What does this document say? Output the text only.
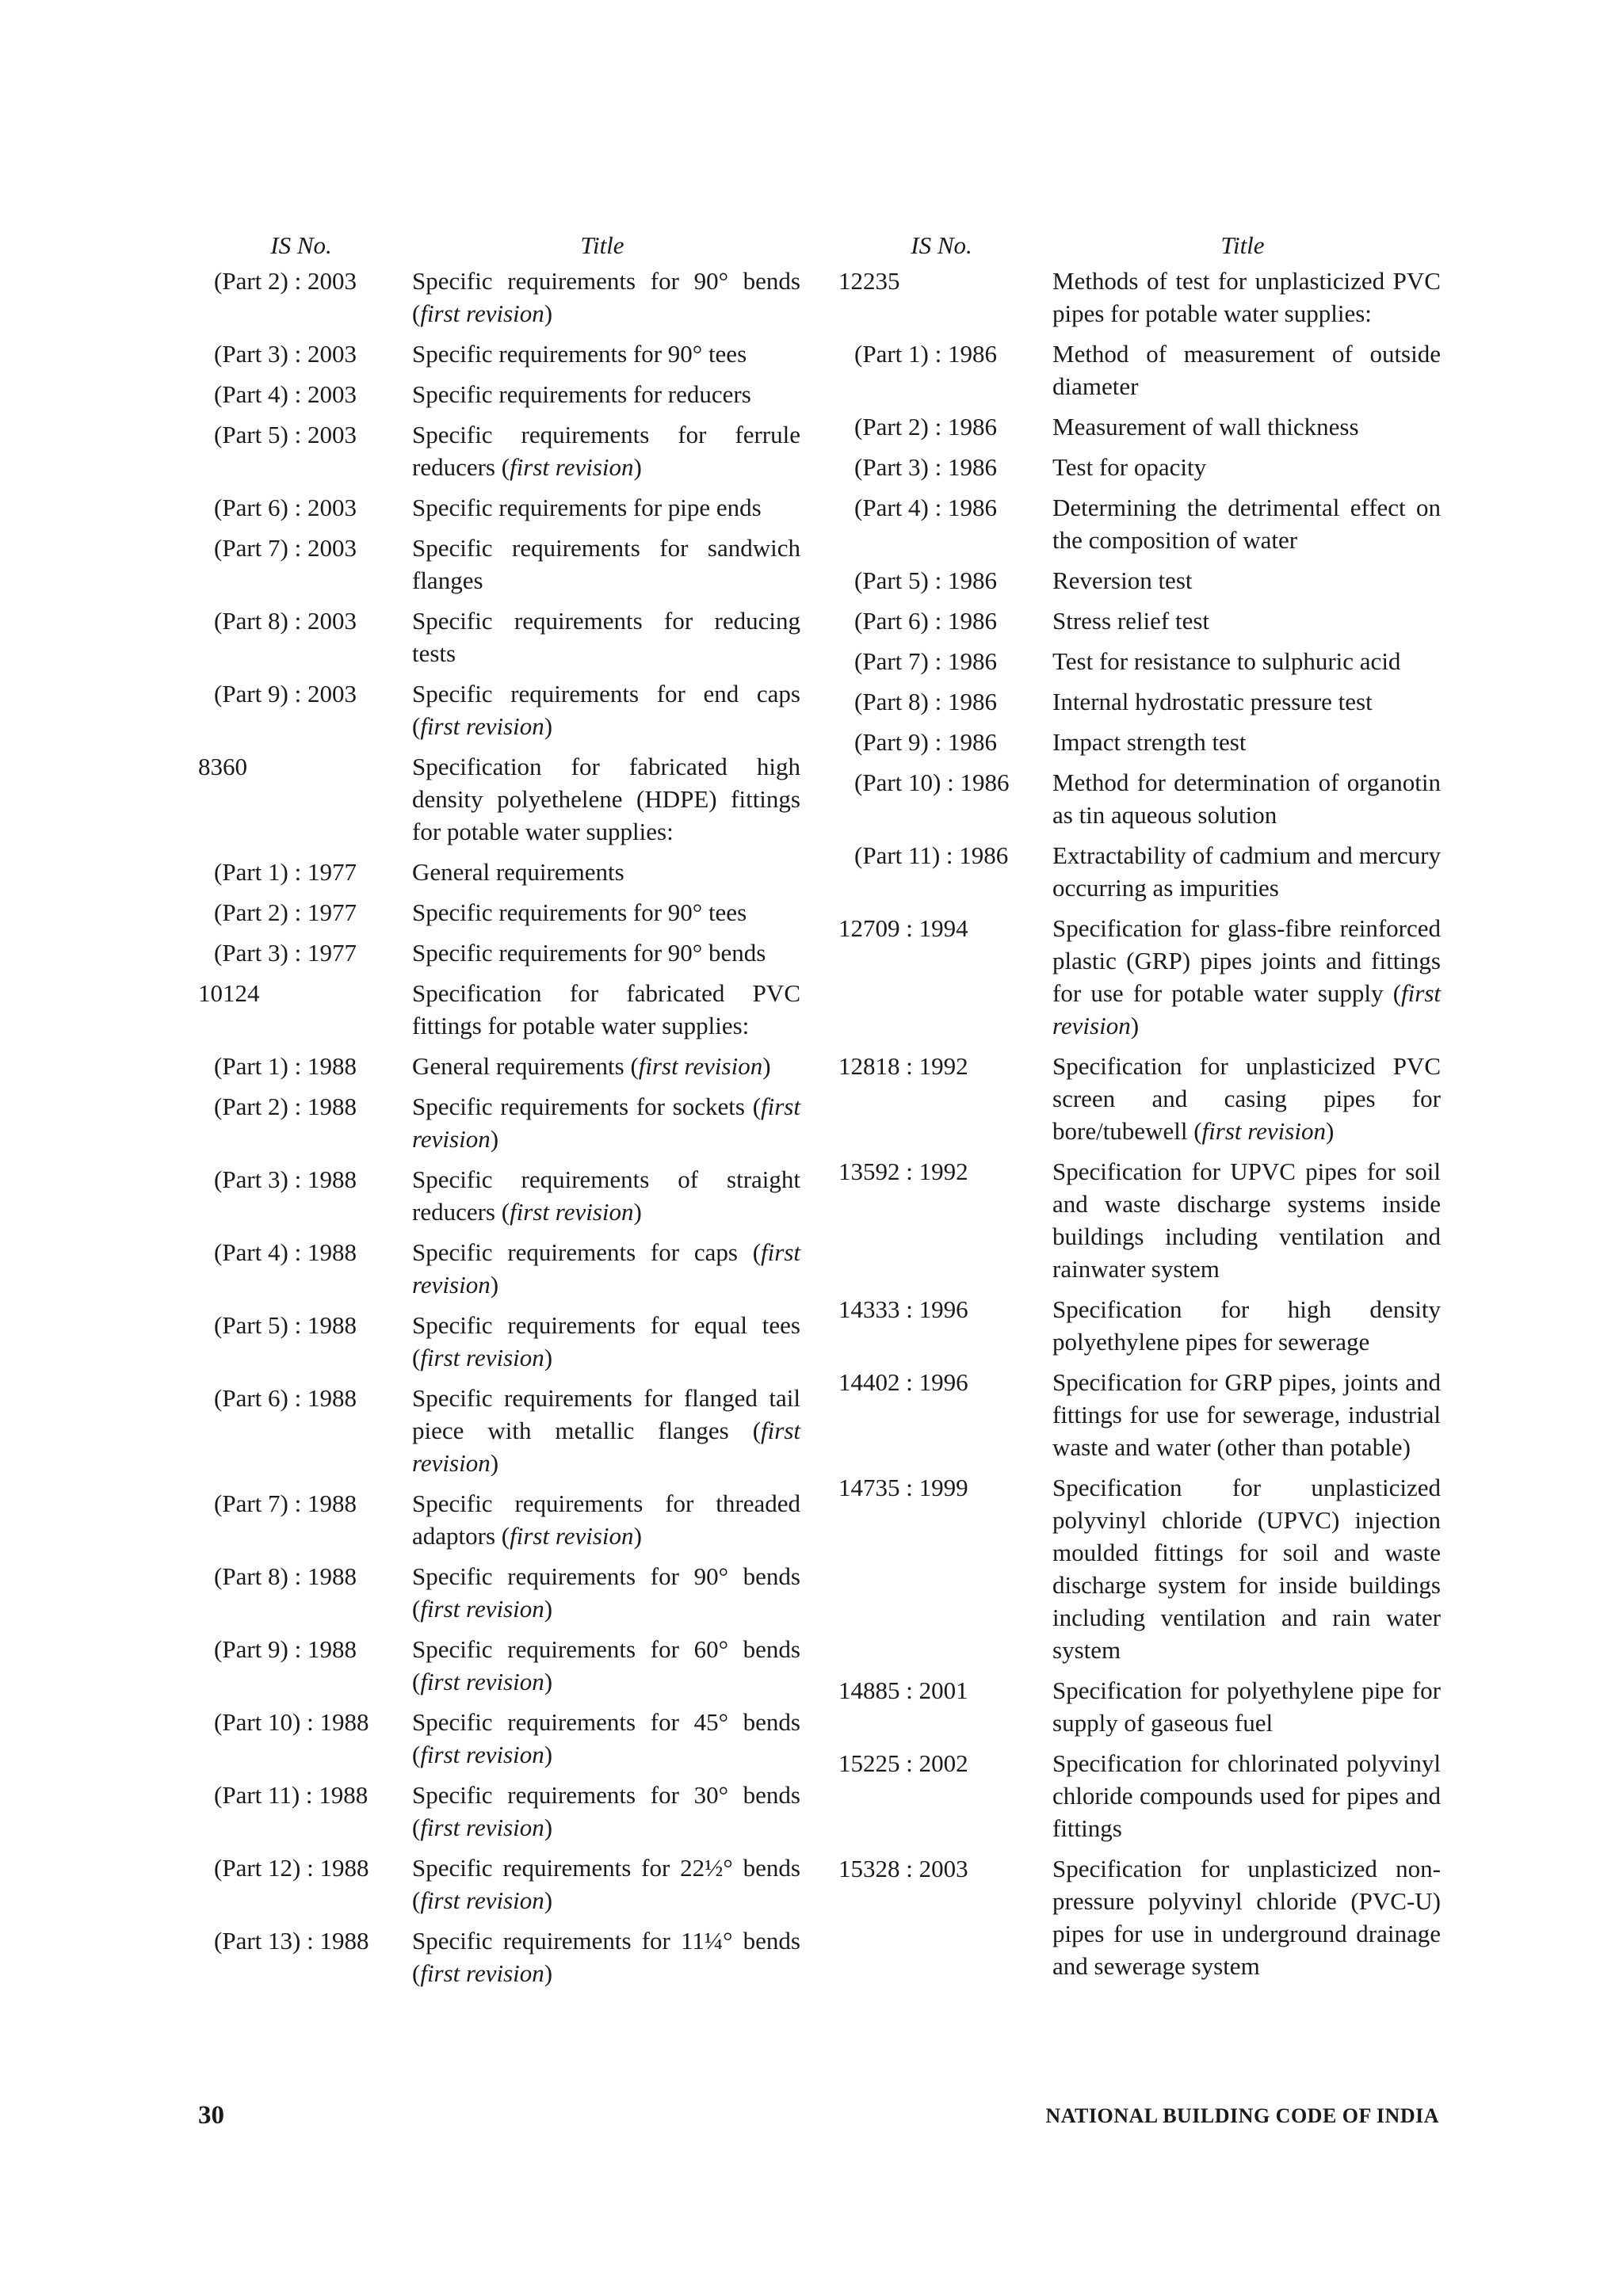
IS No.	Title
(Part 2) : 2003	Specific requirements for 90° bends (first revision)
(Part 3) : 2003	Specific requirements for 90° tees
(Part 4) : 2003	Specific requirements for reducers
(Part 5) : 2003	Specific requirements for ferrule reducers (first revision)
(Part 6) : 2003	Specific requirements for pipe ends
(Part 7) : 2003	Specific requirements for sandwich flanges
(Part 8) : 2003	Specific requirements for reducing tests
(Part 9) : 2003	Specific requirements for end caps (first revision)
8360	Specification for fabricated high density polyethelene (HDPE) fittings for potable water supplies:
(Part 1) : 1977	General requirements
(Part 2) : 1977	Specific requirements for 90° tees
(Part 3) : 1977	Specific requirements for 90° bends
10124	Specification for fabricated PVC fittings for potable water supplies:
(Part 1) : 1988	General requirements (first revision)
(Part 2) : 1988	Specific requirements for sockets (first revision)
(Part 3) : 1988	Specific requirements of straight reducers (first revision)
(Part 4) : 1988	Specific requirements for caps (first revision)
(Part 5) : 1988	Specific requirements for equal tees (first revision)
(Part 6) : 1988	Specific requirements for flanged tail piece with metallic flanges (first revision)
(Part 7) : 1988	Specific requirements for threaded adaptors (first revision)
(Part 8) : 1988	Specific requirements for 90° bends (first revision)
(Part 9) : 1988	Specific requirements for 60° bends (first revision)
(Part 10) : 1988	Specific requirements for 45° bends (first revision)
(Part 11) : 1988	Specific requirements for 30° bends (first revision)
(Part 12) : 1988	Specific requirements for 22½° bends (first revision)
(Part 13) : 1988	Specific requirements for 11¼° bends (first revision)
IS No.	Title
12235	Methods of test for unplasticized PVC pipes for potable water supplies:
(Part 1) : 1986	Method of measurement of outside diameter
(Part 2) : 1986	Measurement of wall thickness
(Part 3) : 1986	Test for opacity
(Part 4) : 1986	Determining the detrimental effect on the composition of water
(Part 5) : 1986	Reversion test
(Part 6) : 1986	Stress relief test
(Part 7) : 1986	Test for resistance to sulphuric acid
(Part 8) : 1986	Internal hydrostatic pressure test
(Part 9) : 1986	Impact strength test
(Part 10) : 1986	Method for determination of organotin as tin aqueous solution
(Part 11) : 1986	Extractability of cadmium and mercury occurring as impurities
12709 : 1994	Specification for glass-fibre reinforced plastic (GRP) pipes joints and fittings for use for potable water supply (first revision)
12818 : 1992	Specification for unplasticized PVC screen and casing pipes for bore/tubewell (first revision)
13592 : 1992	Specification for UPVC pipes for soil and waste discharge systems inside buildings including ventilation and rainwater system
14333 : 1996	Specification for high density polyethylene pipes for sewerage
14402 : 1996	Specification for GRP pipes, joints and fittings for use for sewerage, industrial waste and water (other than potable)
14735 : 1999	Specification for unplasticized polyvinyl chloride (UPVC) injection moulded fittings for soil and waste discharge system for inside buildings including ventilation and rain water system
14885 : 2001	Specification for polyethylene pipe for supply of gaseous fuel
15225 : 2002	Specification for chlorinated polyvinyl chloride compounds used for pipes and fittings
15328 : 2003	Specification for unplasticized non-pressure polyvinyl chloride (PVC-U) pipes for use in underground drainage and sewerage system
30	NATIONAL BUILDING CODE OF INDIA
